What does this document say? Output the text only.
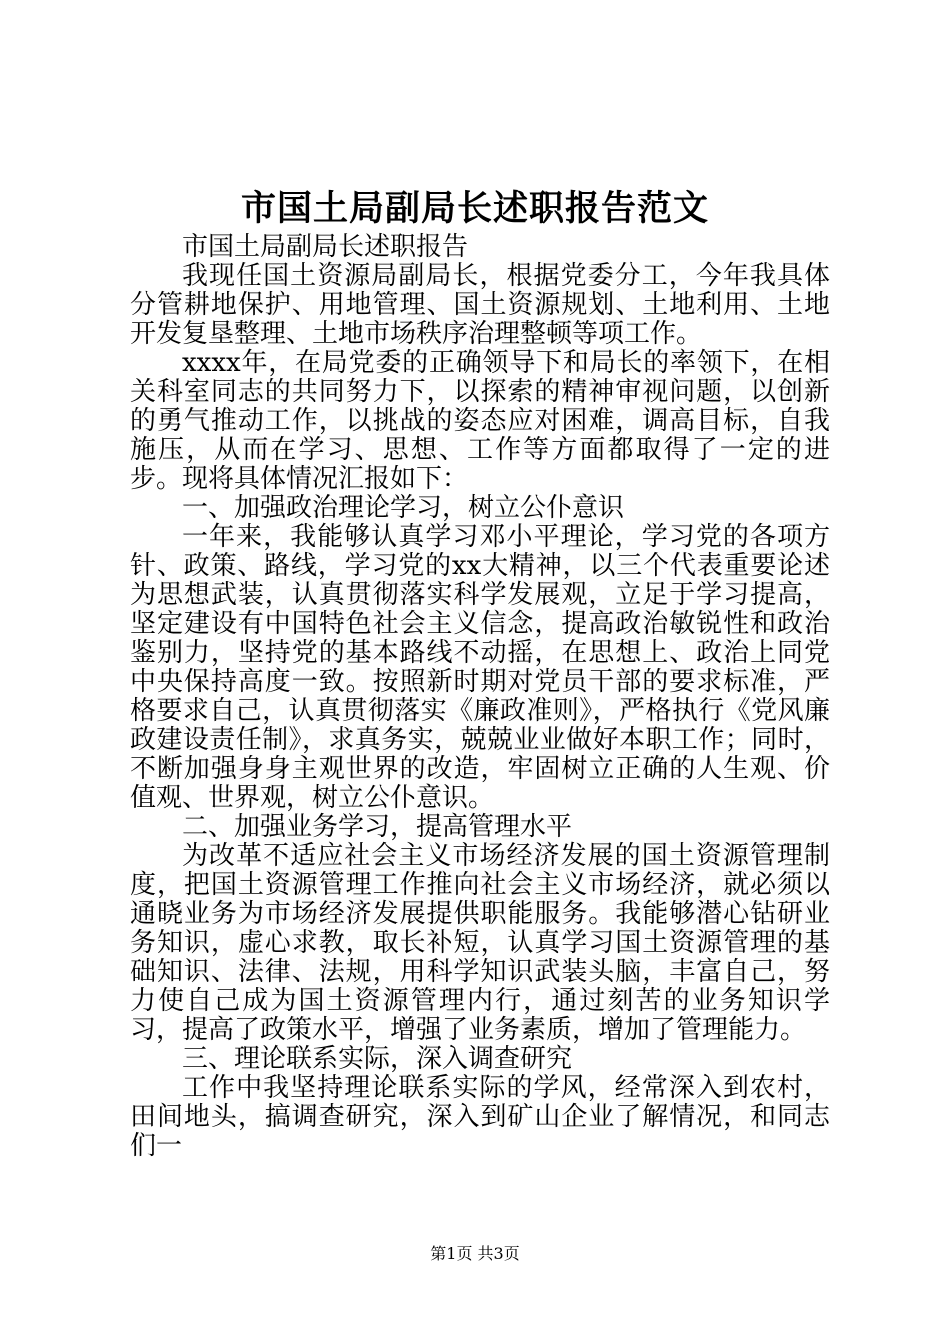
市国土局副局长述职报告范文

市国土局副局长述职报告

我现任国土资源局副局长，根据党委分工，今年我具体分管耕地保护、用地管理、国土资源规划、土地利用、土地开发复垦整理、土地市场秩序治理整顿等项工作。

xxxx年，在局党委的正确领导下和局长的率领下，在相关科室同志的共同努力下，以探索的精神审视问题，以创新的勇气推动工作，以挑战的姿态应对困难，调高目标，自我施压，从而在学习、思想、工作等方面都取得了一定的进步。现将具体情况汇报如下：

一、加强政治理论学习，树立公仆意识

一年来，我能够认真学习邓小平理论，学习党的各项方针、政策、路线，学习党的xx大精神，以三个代表重要论述为思想武装，认真贯彻落实科学发展观，立足于学习提高，坚定建设有中国特色社会主义信念，提高政治敏锐性和政治鉴别力，坚持党的基本路线不动摇，在思想上、政治上同党中央保持高度一致。按照新时期对党员干部的要求标准，严格要求自己，认真贯彻落实《廉政准则》，严格执行《党风廉政建设责任制》，求真务实，兢兢业业做好本职工作；同时，不断加强身身主观世界的改造，牢固树立正确的人生观、价值观、世界观，树立公仆意识。

二、加强业务学习，提高管理水平

为改革不适应社会主义市场经济发展的国土资源管理制度，把国土资源管理工作推向社会主义市场经济，就必须以通晓业务为市场经济发展提供职能服务。我能够潜心钻研业务知识，虚心求教，取长补短，认真学习国土资源管理的基础知识、法律、法规，用科学知识武装头脑，丰富自己，努力使自己成为国土资源管理内行，通过刻苦的业务知识学习，提高了政策水平，增强了业务素质，增加了管理能力。

三、理论联系实际，深入调查研究

工作中我坚持理论联系实际的学风，经常深入到农村，田间地头，搞调查研究，深入到矿山企业了解情况，和同志们一

第1页 共3页
